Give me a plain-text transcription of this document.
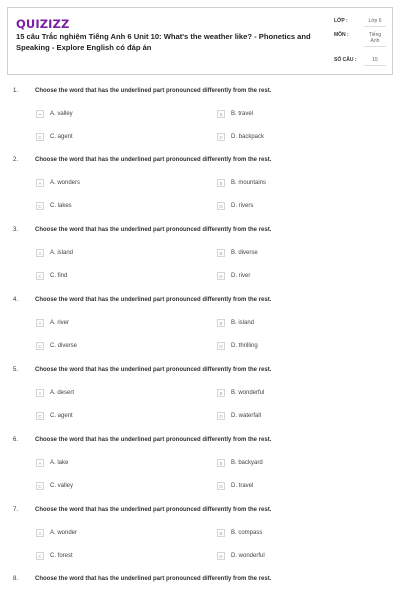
QUIZIZZ
15 câu Trắc nghiệm Tiếng Anh 6 Unit 10: What's the weather like? - Phonetics and Speaking - Explore English có đáp án
LỚP :	Lớp 6
MÔN :	Tiếng Anh
SỐ CÂU :	15
1.	Choose the word that has the underlined part pronounced differently from the rest.
A	A. valley	B	B. travel
C	C. agent	D	D. backpack
2.	Choose the word that has the underlined part pronounced differently from the rest.
A	A. wonders	B	B. mountains
C	C. lakes	D	D. rivers
3.	Choose the word that has the underlined part pronounced differently from the rest.
A	A. island	B	B. diverse
C	C. find	D	D. river
4.	Choose the word that has the underlined part pronounced differently from the rest.
A	A. river	B	B. island
C	C. diverse	D	D. thrilling
5.	Choose the word that has the underlined part pronounced differently from the rest.
A	A. desert	B	B. wonderful
C	C. agent	D	D. waterfall
6.	Choose the word that has the underlined part pronounced differently from the rest.
A	A. lake	B	B. backyard
C	C. valley	D	D. travel
7.	Choose the word that has the underlined part pronounced differently from the rest.
A	A. wonder	B	B. compass
C	C. forest	D	D. wonderful
8.	Choose the word that has the underlined part pronounced differently from the rest.
